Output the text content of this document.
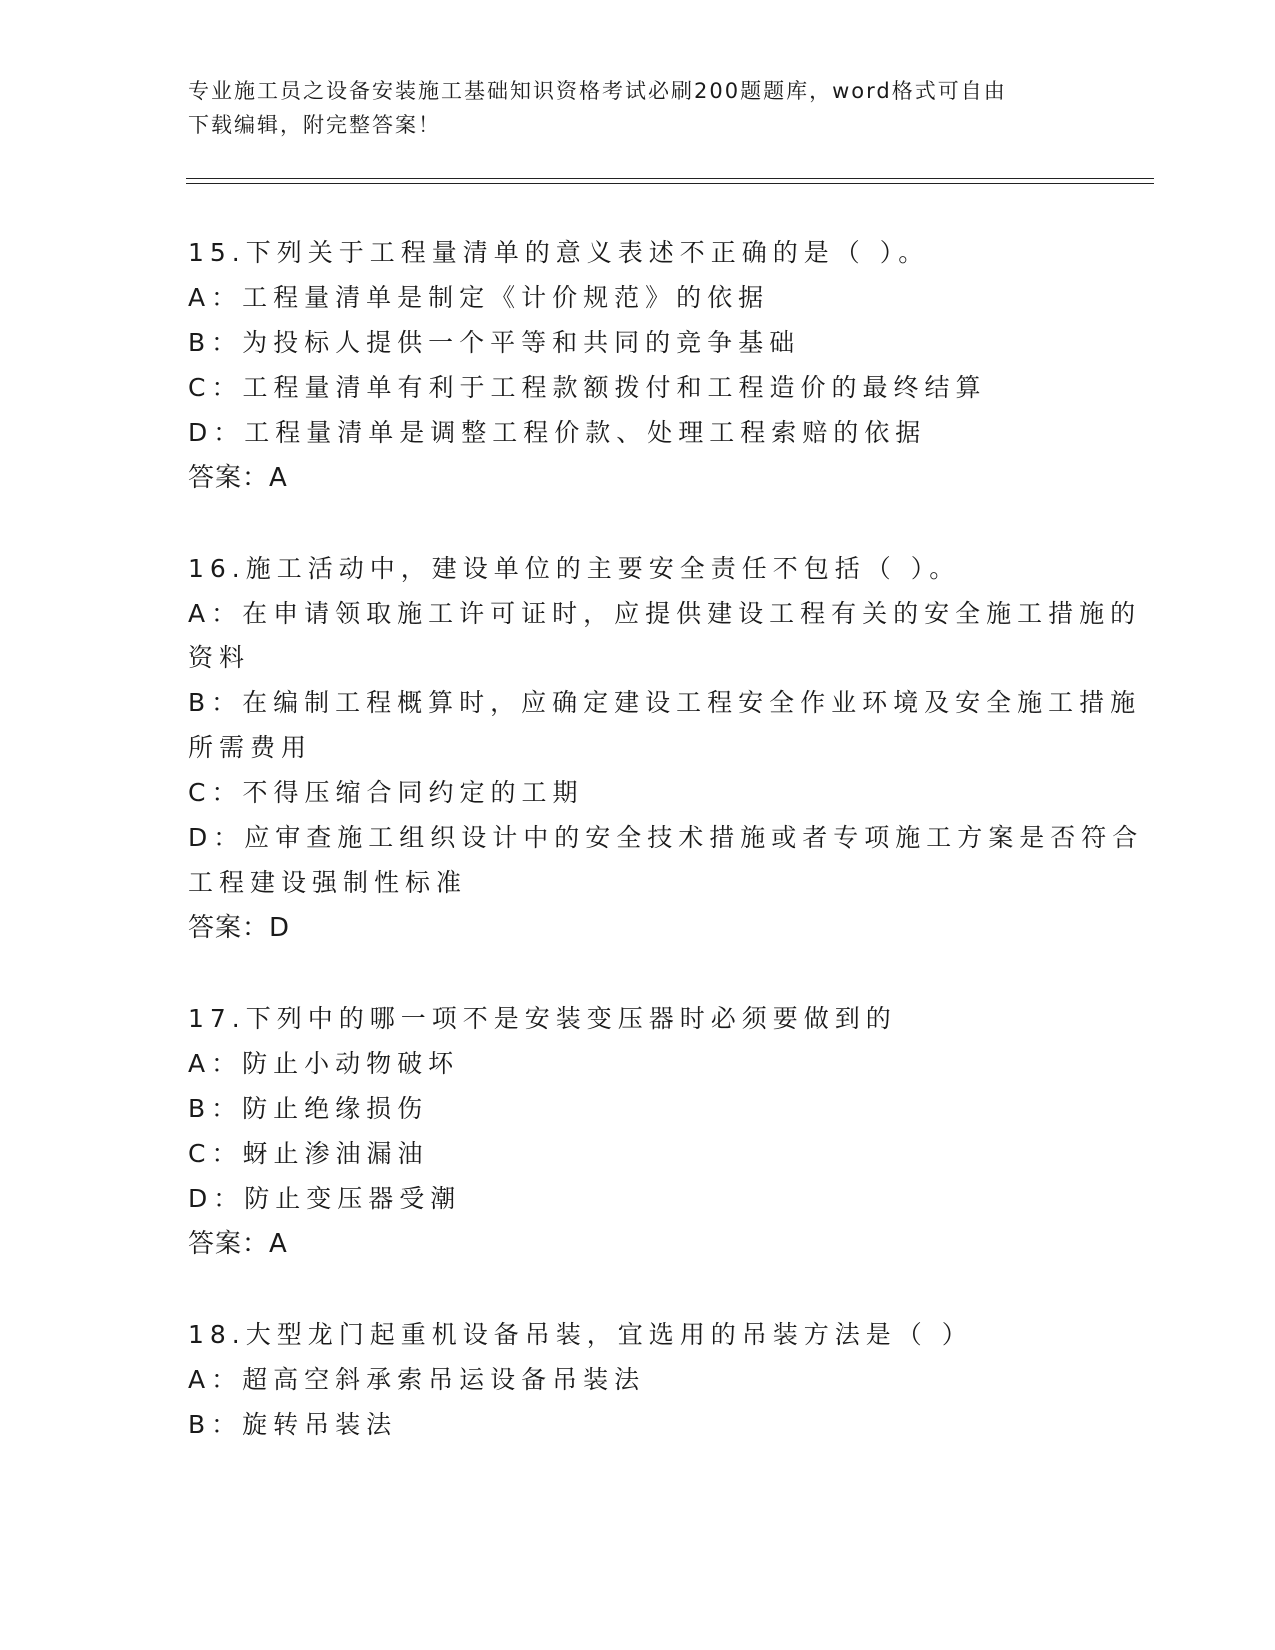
专业施工员之设备安装施工基础知识资格考试必刷200题题库，word格式可自由
下载编辑，附完整答案！
15.下列关于工程量清单的意义表述不正确的是（ ）。
A：工程量清单是制定《计价规范》的依据
B：为投标人提供一个平等和共同的竞争基础
C：工程量清单有利于工程款额拨付和工程造价的最终结算
D：工程量清单是调整工程价款、处理工程索赔的依据
答案：A
16.施工活动中，建设单位的主要安全责任不包括（ ）。
A：在申请领取施工许可证时，应提供建设工程有关的安全施工措施的
资料
B：在编制工程概算时，应确定建设工程安全作业环境及安全施工措施
所需费用
C：不得压缩合同约定的工期
D：应审查施工组织设计中的安全技术措施或者专项施工方案是否符合
工程建设强制性标准
答案：D
17.下列中的哪一项不是安装变压器时必须要做到的
A：防止小动物破坏
B：防止绝缘损伤
C：蚜止渗油漏油
D：防止变压器受潮
答案：A
18.大型龙门起重机设备吊装，宜选用的吊装方法是（ ）
A：超高空斜承索吊运设备吊装法
B：旋转吊装法
